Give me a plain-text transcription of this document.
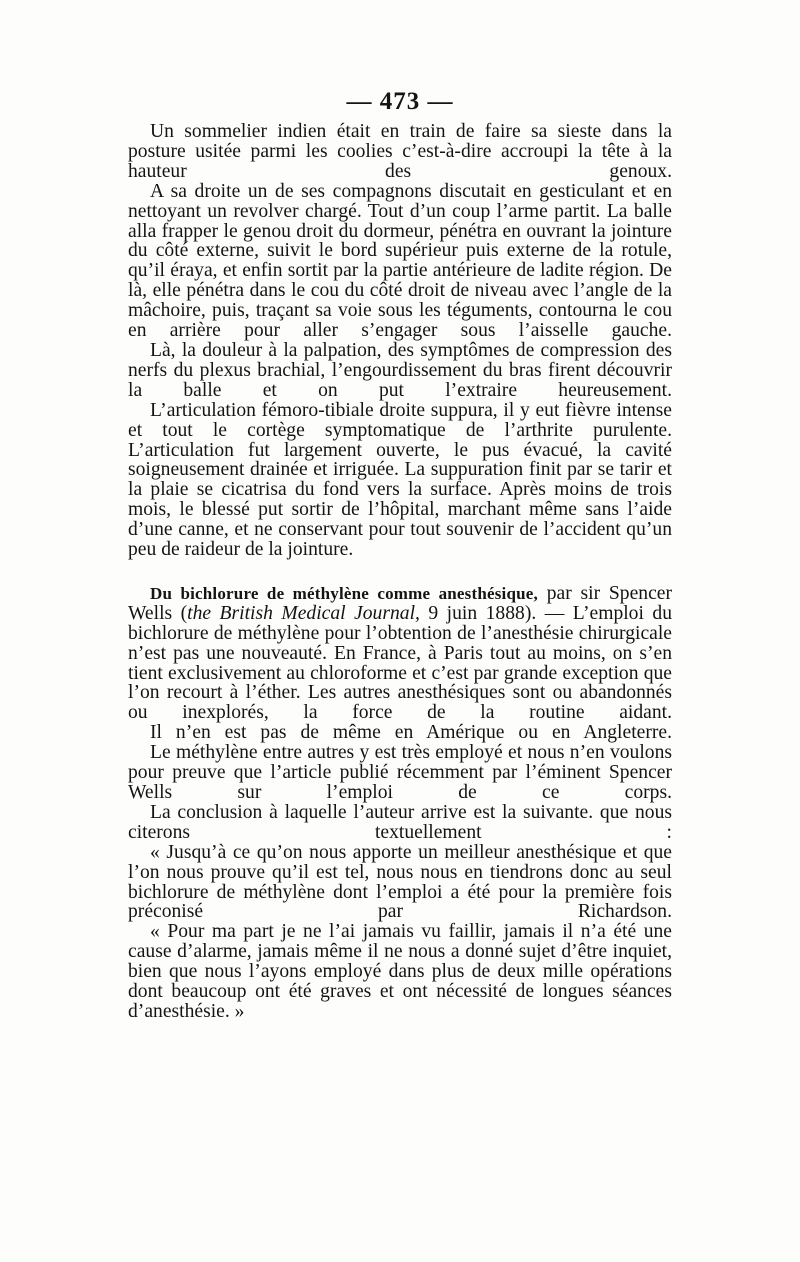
— 473 —

Un sommelier indien était en train de faire sa sieste dans la posture usitée parmi les coolies c’est-à-dire accroupi la tête à la hauteur des genoux.

A sa droite un de ses compagnons discutait en gesticulant et en nettoyant un revolver chargé. Tout d’un coup l’arme partit. La balle alla frapper le genou droit du dormeur, pénétra en ouvrant la jointure du côté externe, suivit le bord supérieur puis externe de la rotule, qu’il éraya, et enfin sortit par la partie antérieure de ladite région. De là, elle pénétra dans le cou du côté droit de niveau avec l’angle de la mâchoire, puis, traçant sa voie sous les téguments, contourna le cou en arrière pour aller s’engager sous l’aisselle gauche.

Là, la douleur à la palpation, des symptômes de compression des nerfs du plexus brachial, l’engourdissement du bras firent découvrir la balle et on put l’extraire heureusement.

L’articulation fémoro-tibiale droite suppura, il y eut fièvre intense et tout le cortège symptomatique de l’arthrite purulente. L’articulation fut largement ouverte, le pus évacué, la cavité soigneusement drainée et irriguée. La suppuration finit par se tarir et la plaie se cicatrisa du fond vers la surface. Après moins de trois mois, le blessé put sortir de l’hôpital, marchant même sans l’aide d’une canne, et ne conservant pour tout souvenir de l’accident qu’un peu de raideur de la jointure.

Du bichlorure de méthylène comme anesthésique, par sir Spencer Wells (the British Medical Journal, 9 juin 1888). — L’emploi du bichlorure de méthylène pour l’obtention de l’anesthésie chirurgicale n’est pas une nouveauté. En France, à Paris tout au moins, on s’en tient exclusivement au chloroforme et c’est par grande exception que l’on recourt à l’éther. Les autres anesthésiques sont ou abandonnés ou inexplorés, la force de la routine aidant.

Il n’en est pas de même en Amérique ou en Angleterre.

Le méthylène entre autres y est très employé et nous n’en voulons pour preuve que l’article publié récemment par l’éminent Spencer Wells sur l’emploi de ce corps.

La conclusion à laquelle l’auteur arrive est la suivante. que nous citerons textuellement :

« Jusqu’à ce qu’on nous apporte un meilleur anesthésique et que l’on nous prouve qu’il est tel, nous nous en tiendrons donc au seul bichlorure de méthylène dont l’emploi a été pour la première fois préconisé par Richardson.

« Pour ma part je ne l’ai jamais vu faillir, jamais il n’a été une cause d’alarme, jamais même il ne nous a donné sujet d’être inquiet, bien que nous l’ayons employé dans plus de deux mille opérations dont beaucoup ont été graves et ont nécessité de longues séances d’anesthésie. »
